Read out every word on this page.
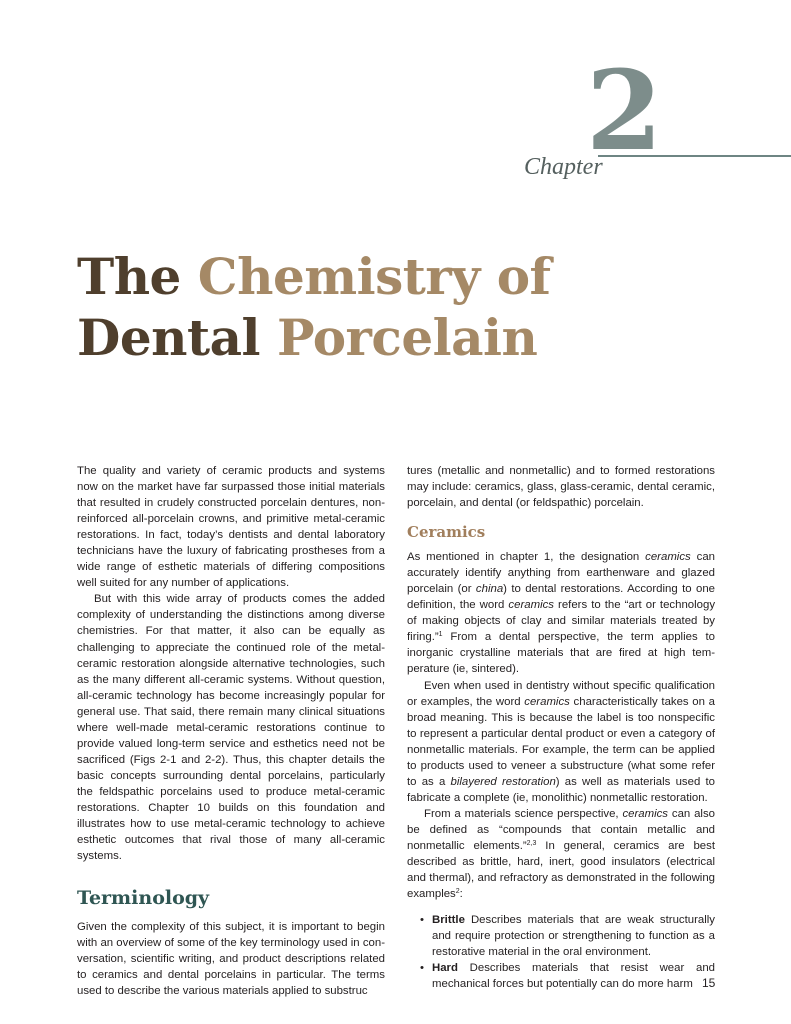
2
Chapter
The Chemistry of
Dental Porcelain

The quality and variety of ceramic products and systems now on the market have far surpassed those initial materials that resulted in crudely constructed porcelain dentures, nonreinforced all-porcelain crowns, and primitive metal-ceramic restorations. In fact, today’s dentists and dental laboratory technicians have the luxury of fabricating prostheses from a wide range of esthetic materials of differing compositions well suited for any number of applications.

But with this wide array of products comes the added complexity of understanding the distinctions among diverse chemistries. For that matter, it also can be equally as challenging to appreciate the continued role of the metal-ceramic restoration alongside alternative technologies, such as the many different all-ceramic systems. Without question, all-ceramic technology has become increasingly popular for general use. That said, there remain many clinical situations where well-made metal-ceramic restorations continue to provide valued long-term service and esthetics need not be sacrificed (Figs 2-1 and 2-2). Thus, this chapter details the basic concepts surrounding dental porcelains, particularly the feldspathic porcelains used to produce metal-ceramic restorations. Chapter 10 builds on this foundation and illustrates how to use metal-ceramic technology to achieve esthetic outcomes that rival those of many all-ceramic systems.

Terminology

Given the complexity of this subject, it is important to begin with an overview of some of the key terminology used in conversation, scientific writing, and product descriptions related to ceramics and dental porcelains in particular. The terms used to describe the various materials applied to substruc

tures (metallic and nonmetallic) and to formed restorations may include: ceramics, glass, glass-ceramic, dental ceramic, porcelain, and dental (or feldspathic) porcelain.

Ceramics

As mentioned in chapter 1, the designation ceramics can accurately identify anything from earthenware and glazed porcelain (or china) to dental restorations. According to one definition, the word ceramics refers to the “art or technology of making objects of clay and similar materials treated by firing.”$^1$ From a dental perspective, the term applies to inorganic crystalline materials that are fired at high temperature (ie, sintered).

Even when used in dentistry without specific qualification or examples, the word ceramics characteristically takes on a broad meaning. This is because the label is too nonspecific to represent a particular dental product or even a category of nonmetallic materials. For example, the term can be applied to products used to veneer a substructure (what some refer to as a bilayered restoration) as well as materials used to fabricate a complete (ie, monolithic) nonmetallic restoration.

From a materials science perspective, ceramics can also be defined as “compounds that contain metallic and nonmetallic elements.”$^{2,3}$ In general, ceramics are best described as brittle, hard, inert, good insulators (electrical and thermal), and refractory as demonstrated in the following examples$^2$:

• Brittle Describes materials that are weak structurally and require protection or strengthening to function as a restorative material in the oral environment.
• Hard Describes materials that resist wear and mechanical forces but potentially can do more harm 15
